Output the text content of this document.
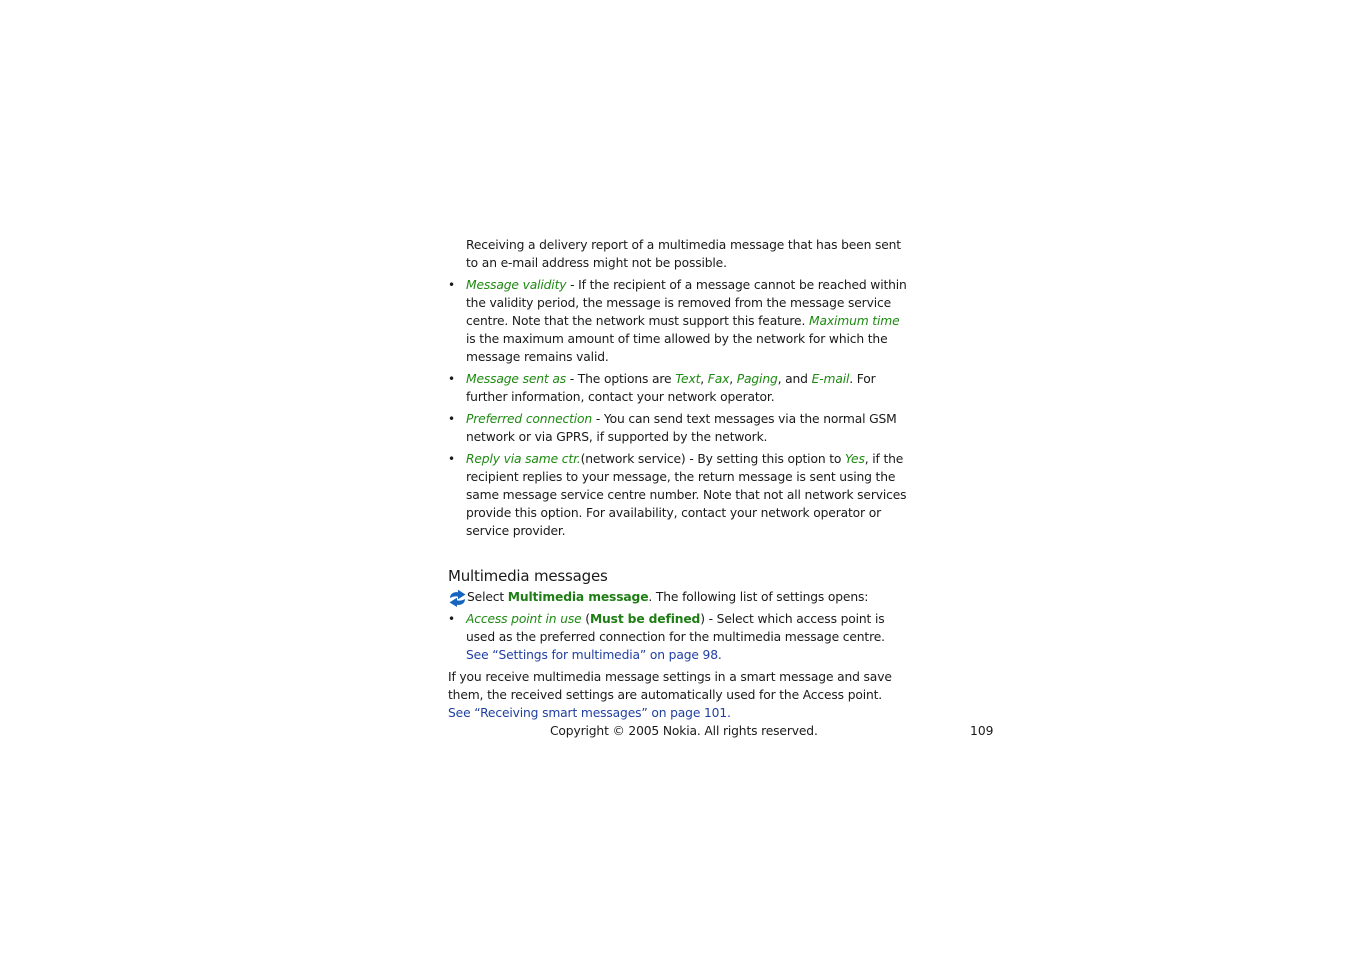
Receiving a delivery report of a multimedia message that has been sent to an e-mail address might not be possible.

• Message validity - If the recipient of a message cannot be reached within the validity period, the message is removed from the message service centre. Note that the network must support this feature. Maximum time is the maximum amount of time allowed by the network for which the message remains valid.
• Message sent as - The options are Text, Fax, Paging, and E-mail. For further information, contact your network operator.
• Preferred connection - You can send text messages via the normal GSM network or via GPRS, if supported by the network.
• Reply via same ctr.(network service) - By setting this option to Yes, if the recipient replies to your message, the return message is sent using the same message service centre number. Note that not all network services provide this option. For availability, contact your network operator or service provider.
Multimedia messages

Select Multimedia message. The following list of settings opens:

• Access point in use (Must be defined) - Select which access point is used as the preferred connection for the multimedia message centre. See “Settings for multimedia” on page 98.

If you receive multimedia message settings in a smart message and save them, the received settings are automatically used for the Access point. See “Receiving smart messages” on page 101.

Copyright © 2005 Nokia. All rights reserved.	109
